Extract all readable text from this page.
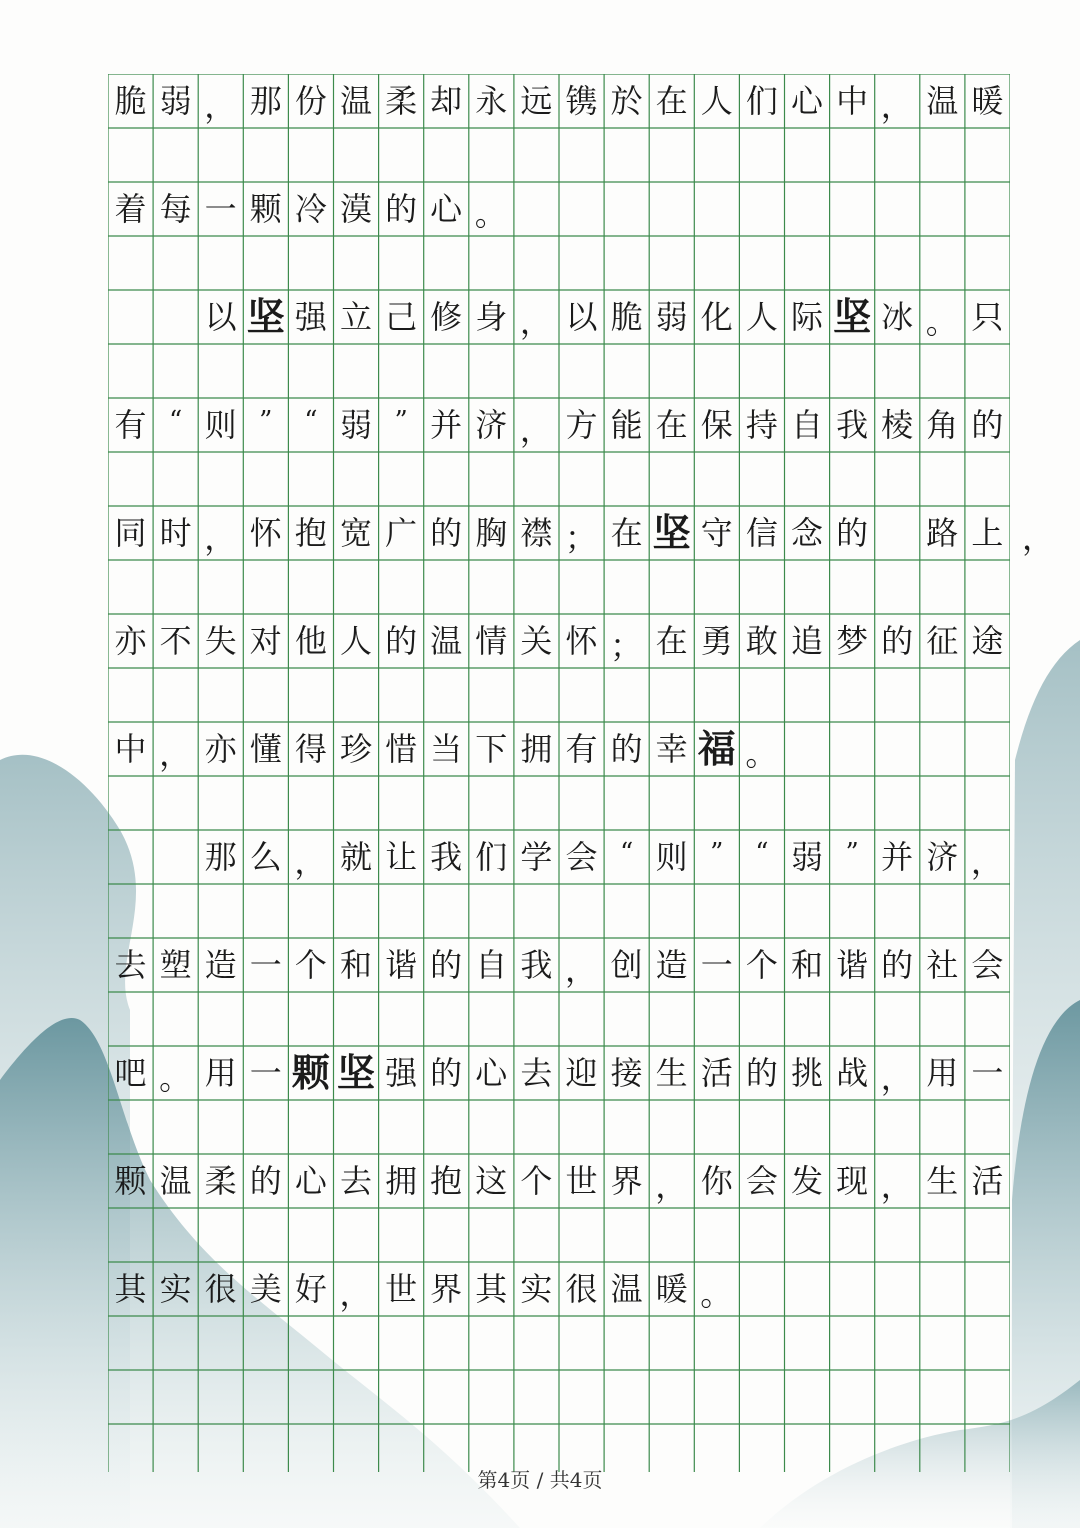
脆 弱 ， 那 份 温 柔 却 永 远 镌 於 在 人 们 心 中 ， 温 暖
着 每 一 颗 冷 漠 的 心 。
以 坚 强 立 己 修 身 ， 以 脆 弱 化 人 际 坚 冰 。 只
有 “ 则 ”	“ 弱 ” 并 济 ， 方 能 在 保 持 自 我 棱 角 的
同 时 ， 怀 抱 宽 广 的 胸 襟 ； 在 坚 守 信 念 的 路 上 ，
亦 不 失 对 他 人 的 温 情 关 怀 ； 在 勇 敢 追 梦 的 征 途
中 ， 亦 懂 得 珍 惜 当 下 拥 有 的 幸 福 。
那 么 ， 就 让 我 们 学 会 “ 则 ”	“ 弱 ” 并 济 ，
去 塑 造 一 个 和 谐 的 自 我 ， 创 造 一 个 和 谐 的 社 会
吧 。 用 一 颗 坚 强 的 心 去 迎 接 生 活 的 挑 战 ， 用 一
颗 温 柔 的 心 去 拥 抱 这 个 世 界 ， 你 会 发 现 ， 生 活
其 实 很 美 好 ， 世 界 其 实 很 温 暖 。
第4页 / 共4页
